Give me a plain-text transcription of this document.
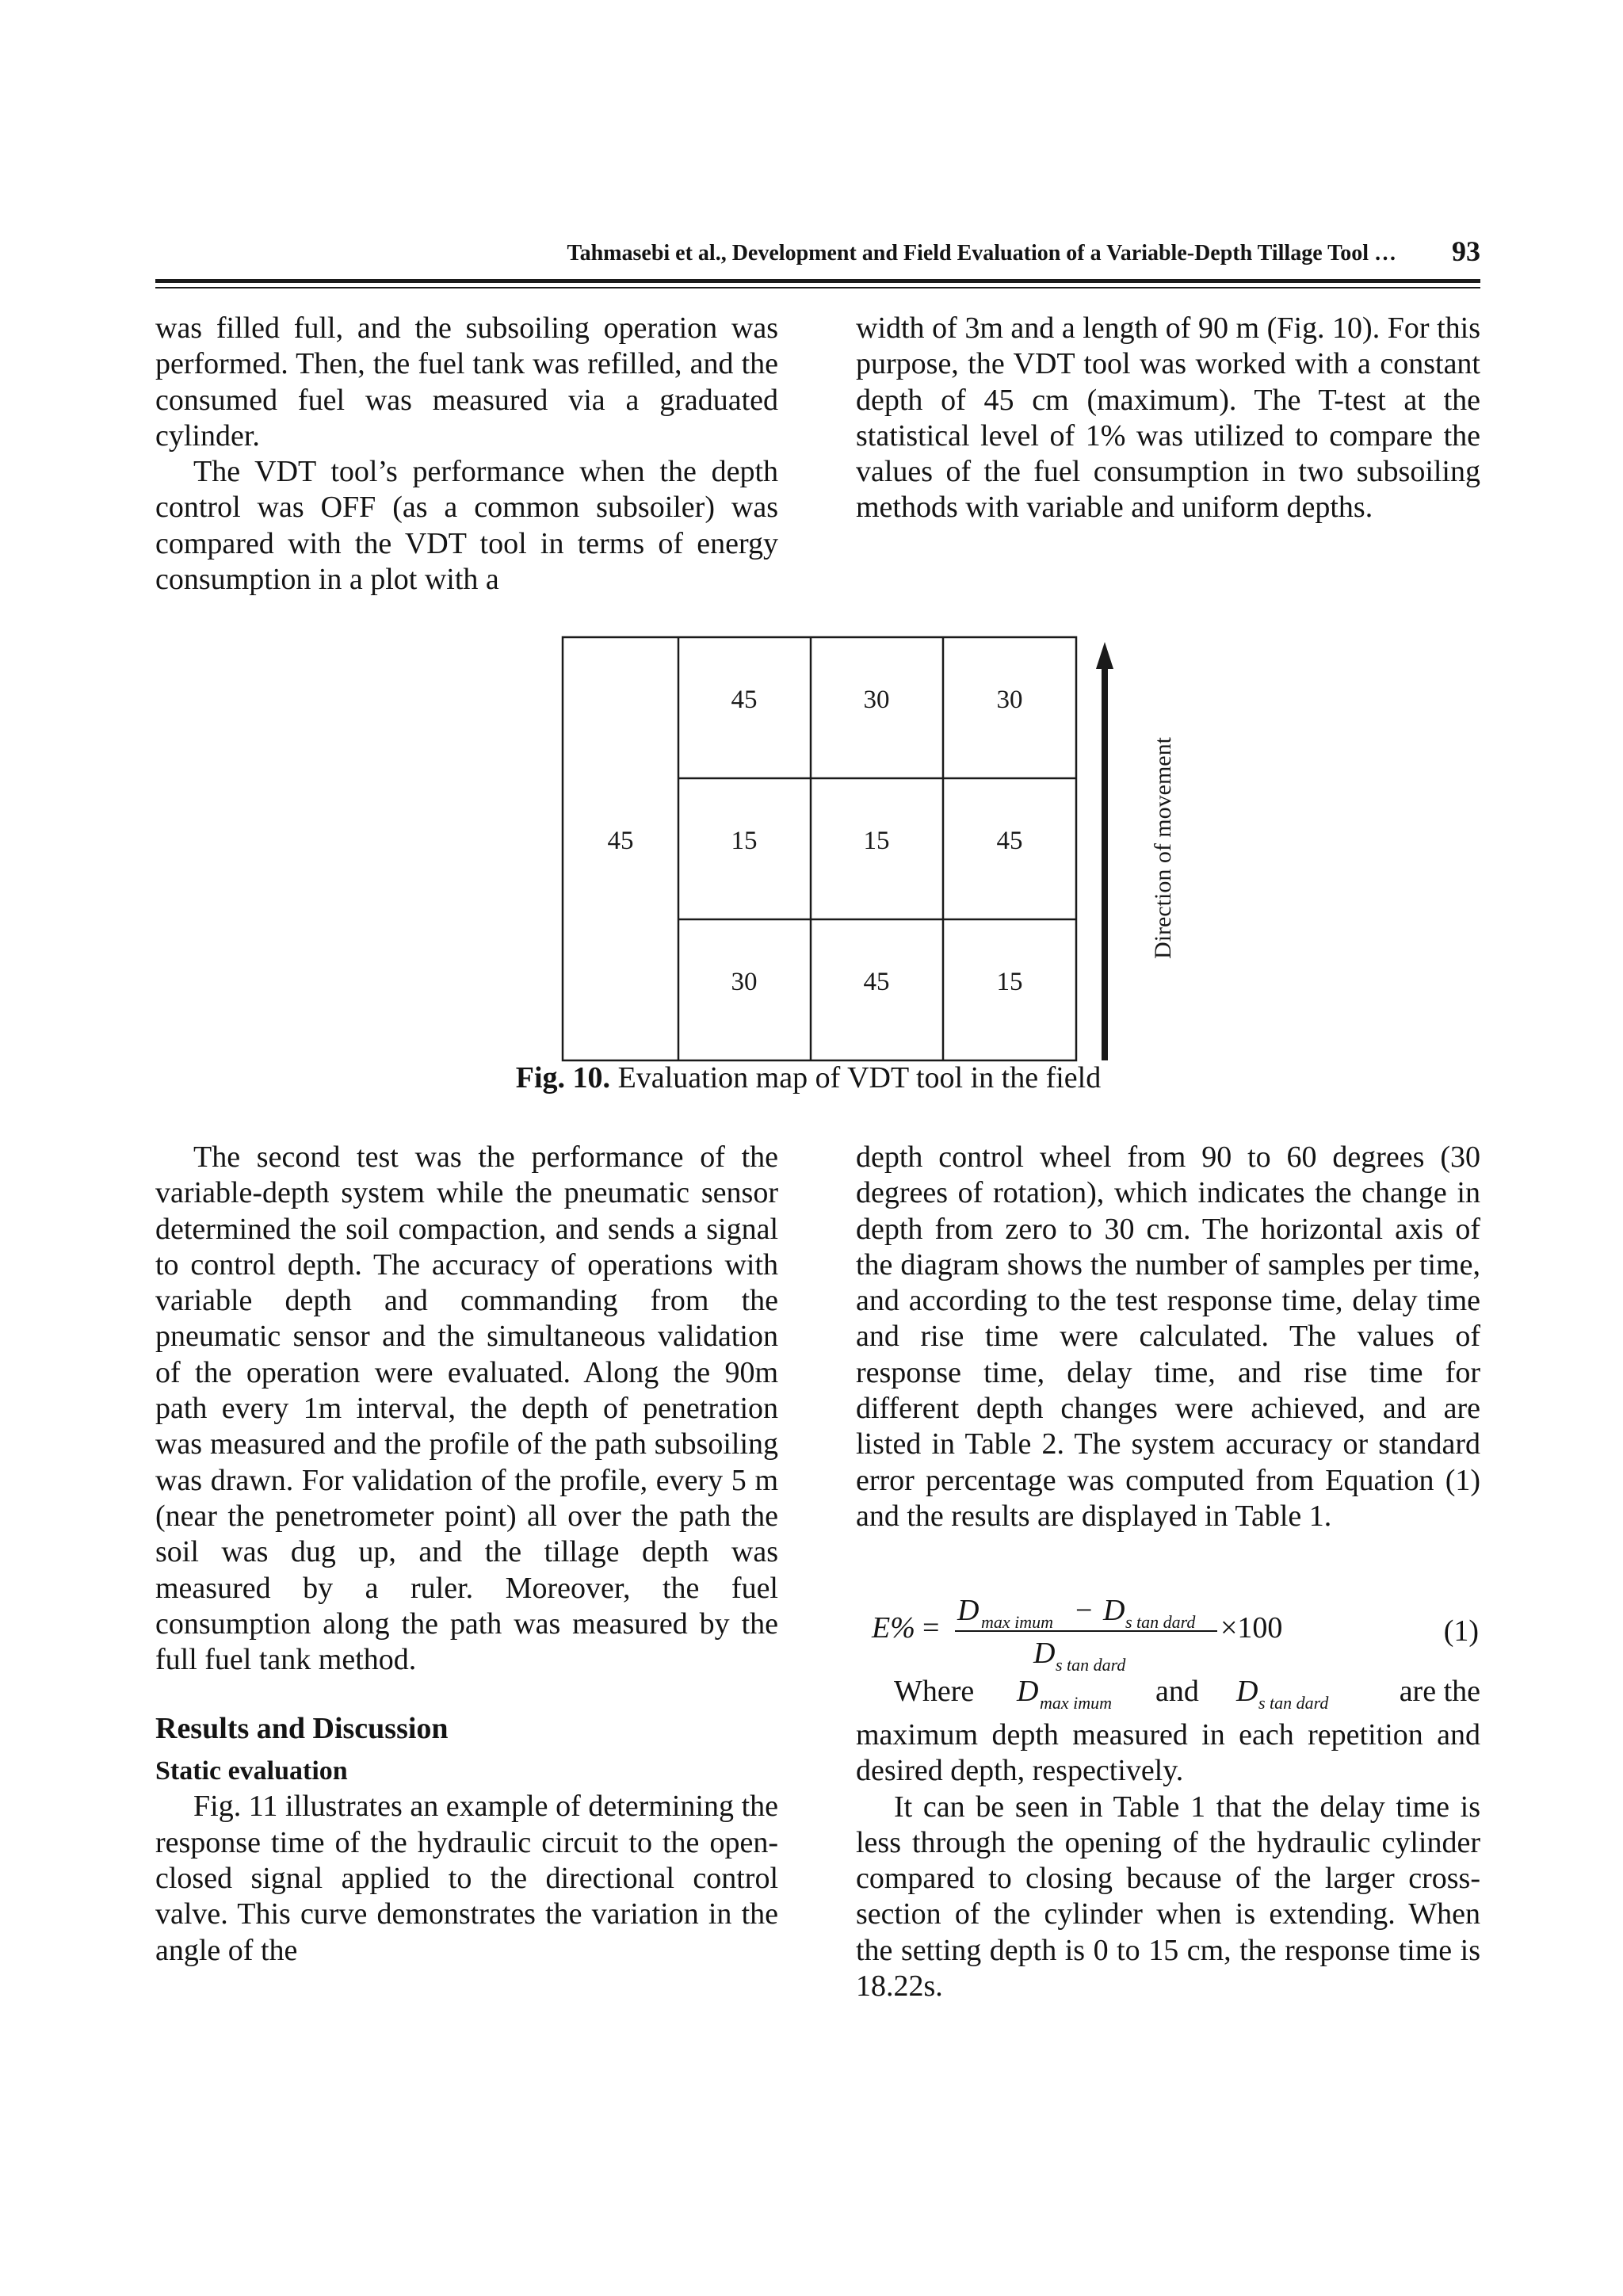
Tahmasebi et al., Development and Field Evaluation of a Variable-Depth Tillage Tool … 93

was filled full, and the subsoiling operation was performed. Then, the fuel tank was refilled, and the consumed fuel was measured via a graduated cylinder.

The VDT tool’s performance when the depth control was OFF (as a common subsoiler) was compared with the VDT tool in terms of energy consumption in a plot with a

width of 3m and a length of 90 m (Fig. 10). For this purpose, the VDT tool was worked with a constant depth of 45 cm (maximum). The T-test at the statistical level of 1% was utilized to compare the values of the fuel consumption in two subsoiling methods with variable and uniform depths.

45
45	30	30
15	15	45
30	45	15
Direction of movement
Fig. 10. Evaluation map of VDT tool in the field

The second test was the performance of the variable-depth system while the pneumatic sensor determined the soil compaction, and sends a signal to control depth. The accuracy of operations with variable depth and commanding from the pneumatic sensor and the simultaneous validation of the operation were evaluated. Along the 90m path every 1m interval, the depth of penetration was measured and the profile of the path subsoiling was drawn. For validation of the profile, every 5 m (near the penetrometer point) all over the path the soil was dug up, and the tillage depth was measured by a ruler. Moreover, the fuel consumption along the path was measured by the full fuel tank method.

Results and Discussion

Static evaluation

Fig. 11 illustrates an example of determining the response time of the hydraulic circuit to the open-closed signal applied to the directional control valve. This curve demonstrates the variation in the angle of the

depth control wheel from 90 to 60 degrees (30 degrees of rotation), which indicates the change in depth from zero to 30 cm. The horizontal axis of the diagram shows the number of samples per time, and according to the test response time, delay time and rise time were calculated. The values of response time, delay time, and rise time for different depth changes were achieved, and are listed in Table 2. The system accuracy or standard error percentage was computed from Equation (1) and the results are displayed in Table 1.

E% =
D max imum − D s tan dard
D s tan dard
×100	(1)
Where D max imum and D s tan dard are the

maximum depth measured in each repetition and desired depth, respectively.

It can be seen in Table 1 that the delay time is less through the opening of the hydraulic cylinder compared to closing because of the larger cross-section of the cylinder when is extending. When the setting depth is 0 to 15 cm, the response time is 18.22s.
